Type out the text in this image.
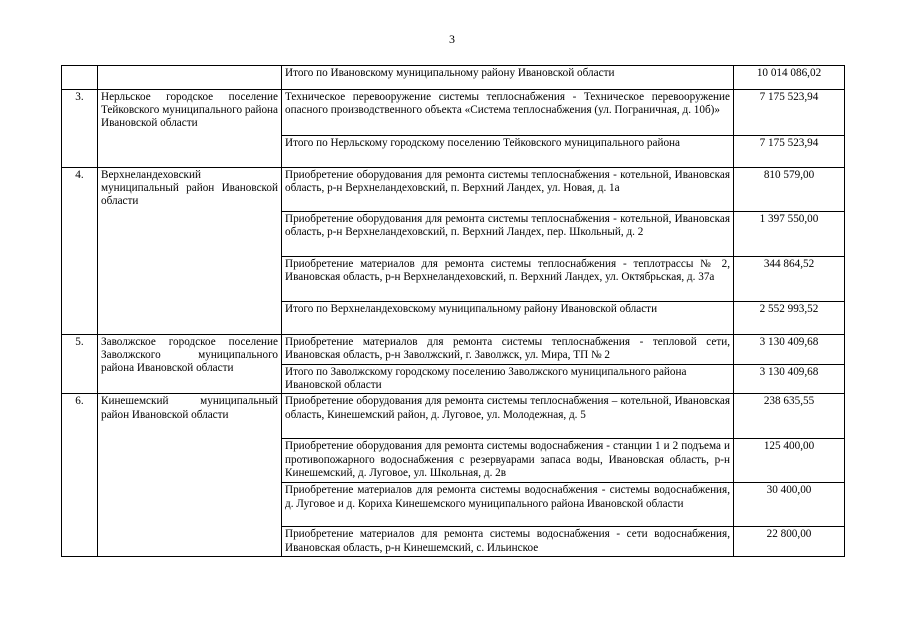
3
		Итого по Ивановскому муниципальному району Ивановской области	10 014 086,02
3.	Нерльское городское поселение Тейковского муниципального района Ивановской области	Техническое перевооружение системы теплоснабжения - Техническое перевооружение опасного производственного объекта «Система теплоснабжения (ул. Пограничная, д. 10б)»	7 175 523,94
		Итого по Нерльскому городскому поселению Тейковского муниципального района	7 175 523,94
4.	Верхнеландеховский муниципальный район Ивановской области	Приобретение оборудования для ремонта системы теплоснабжения - котельной, Ивановская область, р-н Верхнеландеховский, п. Верхний Ландех, ул. Новая, д. 1а	810 579,00
		Приобретение оборудования для ремонта системы теплоснабжения - котельной, Ивановская область, р-н Верхнеландеховский, п. Верхний Ландех, пер. Школьный, д. 2	1 397 550,00
		Приобретение материалов для ремонта системы теплоснабжения - теплотрассы № 2, Ивановская область, р-н Верхнеландеховский, п. Верхний Ландех, ул. Октябрьская, д. 37а	344 864,52
		Итого по Верхнеландеховскому муниципальному району Ивановской области	2 552 993,52
5.	Заволжское городское поселение Заволжского муниципального района Ивановской области	Приобретение материалов для ремонта системы теплоснабжения - тепловой сети, Ивановская область, р-н Заволжский, г. Заволжск, ул. Мира, ТП № 2	3 130 409,68
		Итого по Заволжскому городскому поселению Заволжского муниципального района Ивановской области	3 130 409,68
6.	Кинешемский муниципальный район Ивановской области	Приобретение оборудования для ремонта системы теплоснабжения – котельной, Ивановская область, Кинешемский район, д. Луговое, ул. Молодежная, д. 5	238 635,55
		Приобретение оборудования для ремонта системы водоснабжения - станции 1 и 2 подъема и противопожарного водоснабжения с резервуарами запаса воды, Ивановская область, р-н Кинешемский, д. Луговое, ул. Школьная, д. 2в	125 400,00
		Приобретение материалов для ремонта системы водоснабжения - системы водоснабжения, д. Луговое и д. Кориха Кинешемского муниципального района Ивановской области	30 400,00
		Приобретение материалов для ремонта системы водоснабжения - сети водоснабжения, Ивановская область, р-н Кинешемский, с. Ильинское	22 800,00
